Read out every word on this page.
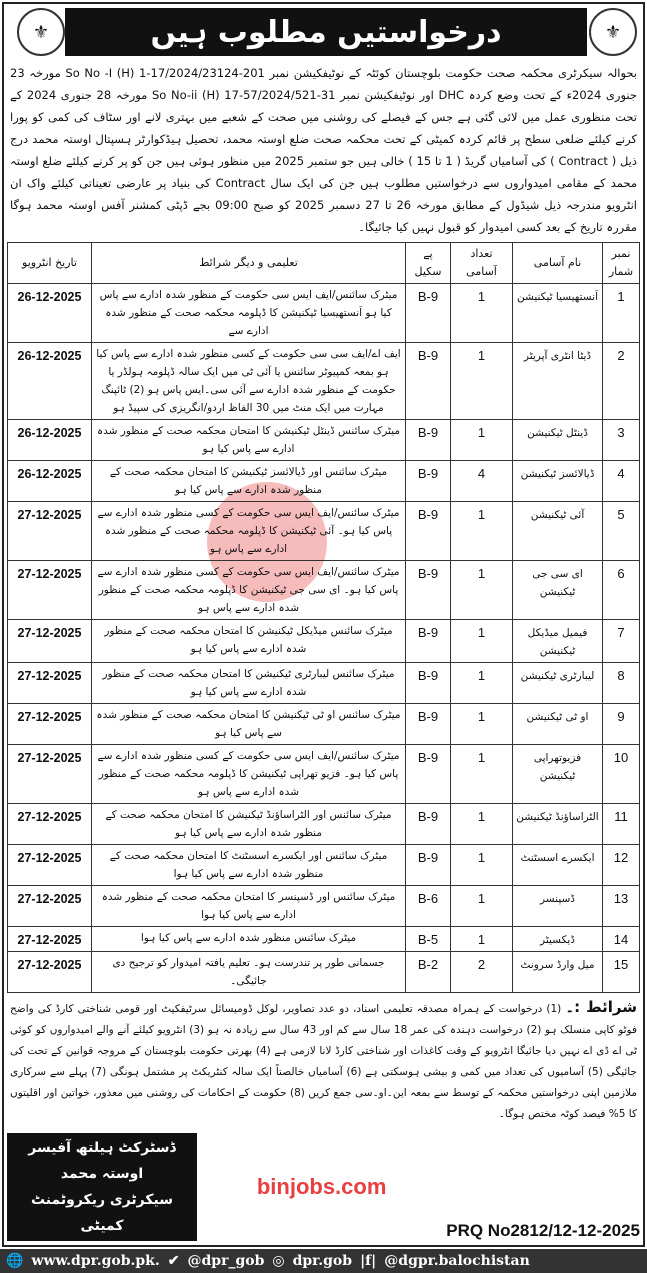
⚜	⚜
درخواستیں مطلوب ہیں
بحوالہ سیکرٹری محکمہ صحت حکومت بلوچستان کوئٹہ کے نوٹیفکیشن نمبر So No -I (H) 1-17/2024/23124-201 مورخہ 23 جنوری 2024ء کے تحت وضع کردہ DHC اور نوٹیفکیشن نمبر So No-ii (H) 17-57/2024/521-31 مورخہ 28 جنوری 2024 کے تحت منظوری عمل میں لائی گئی ہے جس کے فیصلے کی روشنی میں صحت کے شعبے میں بہتری لانے اور سٹاف کی کمی کو پورا کرنے کیلئے ضلعی سطح پر قائم کردہ کمیٹی کے تحت محکمہ صحت ضلع اوستہ محمد، تحصیل ہیڈکوارٹر ہسپتال اوستہ محمد درج ذیل ( Contract ) کی آسامیاں گریڈ ( 1 تا 15 ) خالی ہیں جو ستمبر 2025 میں منظور ہوئی ہیں جن کو پر کرنے کیلئے ضلع اوستہ محمد کے مقامی امیدواروں سے درخواستیں مطلوب ہیں جن کی ایک سال Contract کی بنیاد پر عارضی تعیناتی کیلئے واک ان انٹرویو مندرجہ ذیل شیڈول کے مطابق مورخہ 26 تا 27 دسمبر 2025 کو صبح 09:00 بجے ڈپٹی کمشنر آفس اوستہ محمد ہوگا مقررہ تاریخ کے بعد کسی امیدوار کو قبول نہیں کیا جائیگا۔
نمبر شمار	نام آسامی	تعداد آسامی	پے سکیل	تعلیمی و دیگر شرائط	تاریخ انٹرویو
1	اَنستھیسیا ٹیکنیشن	1	B-9	میٹرک سائنس/ایف ایس سی حکومت کے منظور شدہ ادارے سے پاس کیا ہو اَنستھیسیا ٹیکنیشن کا ڈپلومہ محکمہ صحت کے منظور شدہ ادارے سے	26-12-2025
2	ڈیٹا انٹری آپریٹر	1	B-9	ایف اے/ایف سی سی حکومت کے کسی منظور شدہ ادارے سے پاس کیا ہو بمعہ کمپیوٹر سائنس یا آئی ٹی میں ایک سالہ ڈپلومہ ہولڈر یا حکومت کے منظور شدہ ادارے سے آئی سی۔ایس پاس ہو (2) ٹائپنگ مہارت میں ایک منٹ میں 30 الفاظ اردو/انگریزی کی سپیڈ ہو	26-12-2025
3	ڈینٹل ٹیکنیشن	1	B-9	میٹرک سائنس ڈینٹل ٹیکنیشن کا امتحان محکمہ صحت کے منظور شدہ ادارے سے پاس کیا ہو	26-12-2025
4	ڈیالائسز ٹیکنیشن	4	B-9	میٹرک سائنس اور ڈیالائسز ٹیکنیشن کا امتحان محکمہ صحت کے منظور شدہ ادارے سے پاس کیا ہو	26-12-2025
5	آئی ٹیکنیشن	1	B-9	میٹرک سائنس/ایف ایس سی حکومت کے کسی منظور شدہ ادارے سے پاس کیا ہو۔ آئی ٹیکنیشن کا ڈپلومہ محکمہ صحت کے منظور شدہ ادارے سے پاس ہو	27-12-2025
6	ای سی جی ٹیکنیشن	1	B-9	میٹرک سائنس/ایف ایس سی حکومت کے کسی منظور شدہ ادارے سے پاس کیا ہو۔ ای سی جی ٹیکنیشن کا ڈپلومہ محکمہ صحت کے منظور شدہ ادارے سے پاس ہو	27-12-2025
7	فیمیل میڈیکل ٹیکنیشن	1	B-9	میٹرک سائنس میڈیکل ٹیکنیشن کا امتحان محکمہ صحت کے منظور شدہ ادارے سے پاس کیا ہو	27-12-2025
8	لیبارٹری ٹیکنیشن	1	B-9	میٹرک سائنس لیبارٹری ٹیکنیشن کا امتحان محکمہ صحت کے منظور شدہ ادارے سے پاس کیا ہو	27-12-2025
9	او ٹی ٹیکنیشن	1	B-9	میٹرک سائنس او ٹی ٹیکنیشن کا امتحان محکمہ صحت کے منظور شدہ سے پاس کیا ہو	27-12-2025
10	فزیوتھراپی ٹیکنیشن	1	B-9	میٹرک سائنس/ایف ایس سی حکومت کے کسی منظور شدہ ادارے سے پاس کیا ہو۔ فزیو تھراپی ٹیکنیشن کا ڈپلومہ محکمہ صحت کے منظور شدہ ادارے سے پاس ہو	27-12-2025
11	الٹراساؤنڈ ٹیکنیشن	1	B-9	میٹرک سائنس اور الٹراساؤنڈ ٹیکنیشن کا امتحان محکمہ صحت کے منظور شدہ ادارے سے پاس کیا ہو	27-12-2025
12	ایکسرے اسسٹنٹ	1	B-9	میٹرک سائنس اور ایکسرے اسسٹنٹ کا امتحان محکمہ صحت کے منظور شدہ ادارے سے پاس کیا ہوا	27-12-2025
13	ڈسپنسر	1	B-6	میٹرک سائنس اور ڈسپنسر کا امتحان محکمہ صحت کے منظور شدہ ادارے سے پاس کیا ہوا	27-12-2025
14	ڈیکسیٹر	1	B-5	میٹرک سائنس منظور شدہ ادارے سے پاس کیا ہوا	27-12-2025
15	میل وارڈ سرونٹ	2	B-2	جسمانی طور پر تندرست ہو۔ تعلیم یافتہ امیدوار کو ترجیح دی جائیگی۔	27-12-2025
شرائط :۔ (1) درخواست کے ہمراہ مصدقہ تعلیمی اسناد، دو عدد تصاویر، لوکل ڈومیسائل سرٹیفکیٹ اور قومی شناختی کارڈ کی واضح فوٹو کاپی منسلک ہو (2) درخواست دہندہ کی عمر 18 سال سے کم اور 43 سال سے زیادہ نہ ہو (3) انٹرویو کیلئے آنے والے امیدواروں کو کوئی ٹی اے ڈی اے نہیں دیا جائیگا انٹرویو کے وقت کاغذات اور شناختی کارڈ لانا لازمی ہے (4) بھرتی حکومت بلوچستان کے مروجہ قوانین کے تحت کی جائیگی (5) آسامیوں کی تعداد میں کمی و بیشی ہوسکتی ہے (6) آسامیاں خالصتاً ایک سالہ کنٹریکٹ پر مشتمل ہونگی (7) پہلے سے سرکاری ملازمین اپنی درخواستیں محکمہ کے توسط سے بمعہ این۔او۔سی جمع کریں (8) حکومت کے احکامات کی روشنی میں معذور، خواتین اور اقلیتوں کا 5% فیصد کوٹہ مختص ہوگا۔
ڈسٹرکٹ ہیلتھ آفیسر اوستہ محمد
سیکرٹری ریکروٹمنٹ کمیٹی
binjobs.com
PRQ No2812/12-12-2025
🌐 www.dpr.gob.pk. ✔ @dpr_gob ◎ dpr.gob |f| @dgpr.balochistan
